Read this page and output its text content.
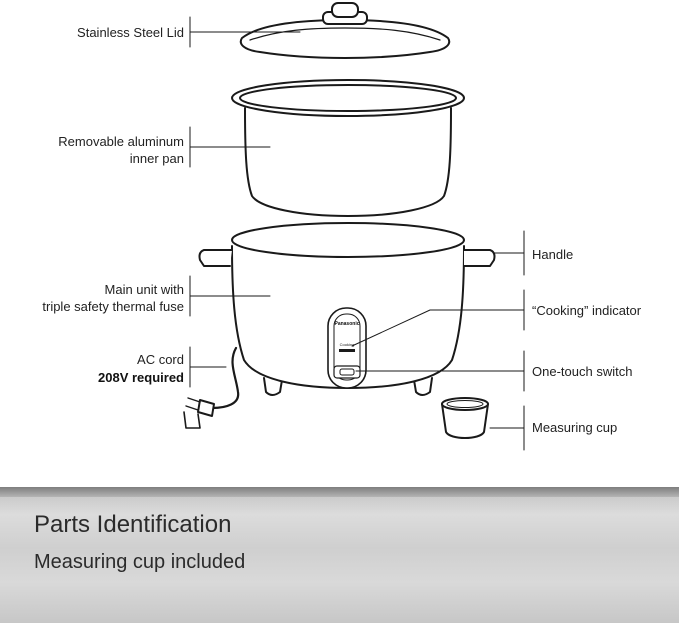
Panasonic
Cooking
Stainless Steel Lid
Removable aluminum
inner pan
Main unit with
triple safety thermal fuse
AC cord
208V required
Handle
“Cooking” indicator
One-touch switch
Measuring cup
Parts Identification
Measuring cup included
